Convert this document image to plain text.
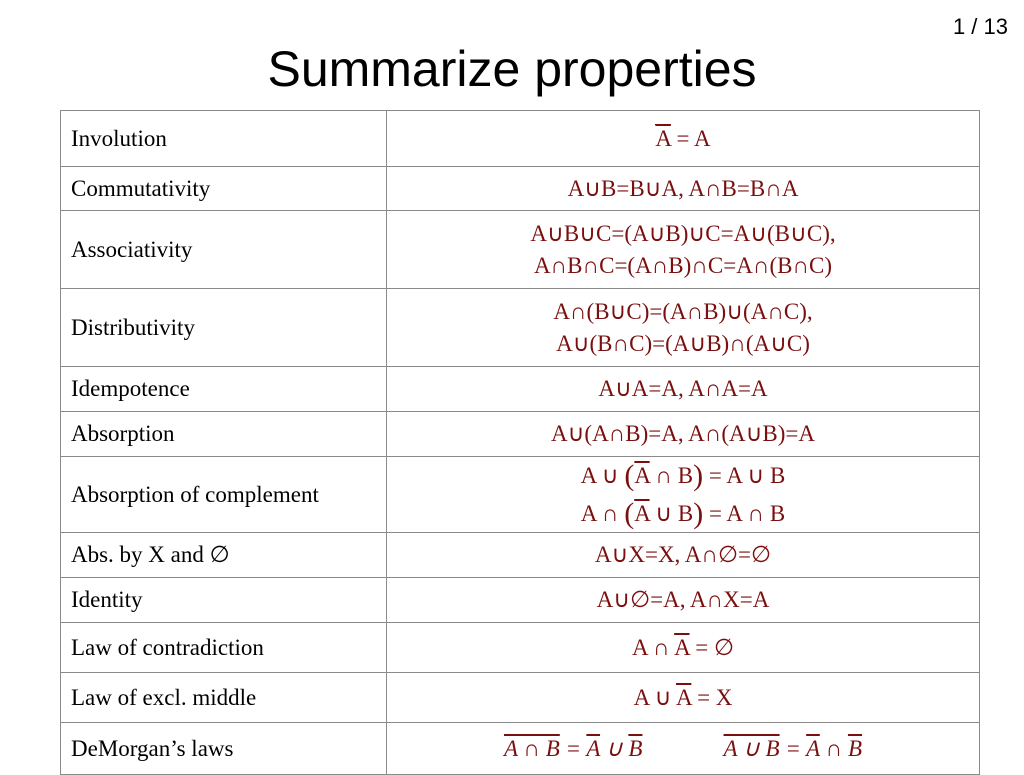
1 / 13
Summarize properties
Involution	$\overline{A} = A$
Commutativity	A∪B=B∪A, A∩B=B∩A
Associativity	A∪B∪C=(A∪B)∪C=A∪(B∪C),
A∩B∩C=(A∩B)∩C=A∩(B∩C)

Distributivity	A∩(B∪C)=(A∩B)∪(A∩C),
A∪(B∩C)=(A∪B)∩(A∪C)

Idempotence	A∪A=A, A∩A=A
Absorption	A∪(A∩B)=A, A∩(A∪B)=A
Absorption of complement	A ∪ ($\overline{A}$ ∩ B) = A ∪ B
A ∩ ($\overline{A}$ ∪ B) = A ∩ B

Abs. by X and ∅	A∪X=X, A∩∅=∅
Identity	A∪∅=A, A∩X=A
Law of contradiction	A ∩ $\overline{A}$ = ∅
Law of excl. middle	A ∪ $\overline{A} = X$
DeMorgan’s laws	A ∩ $B = \overline{A}$ ∪ $\overline{B}$ A ∪ $B = \overline{A}$ ∩ $\overline{B}$
